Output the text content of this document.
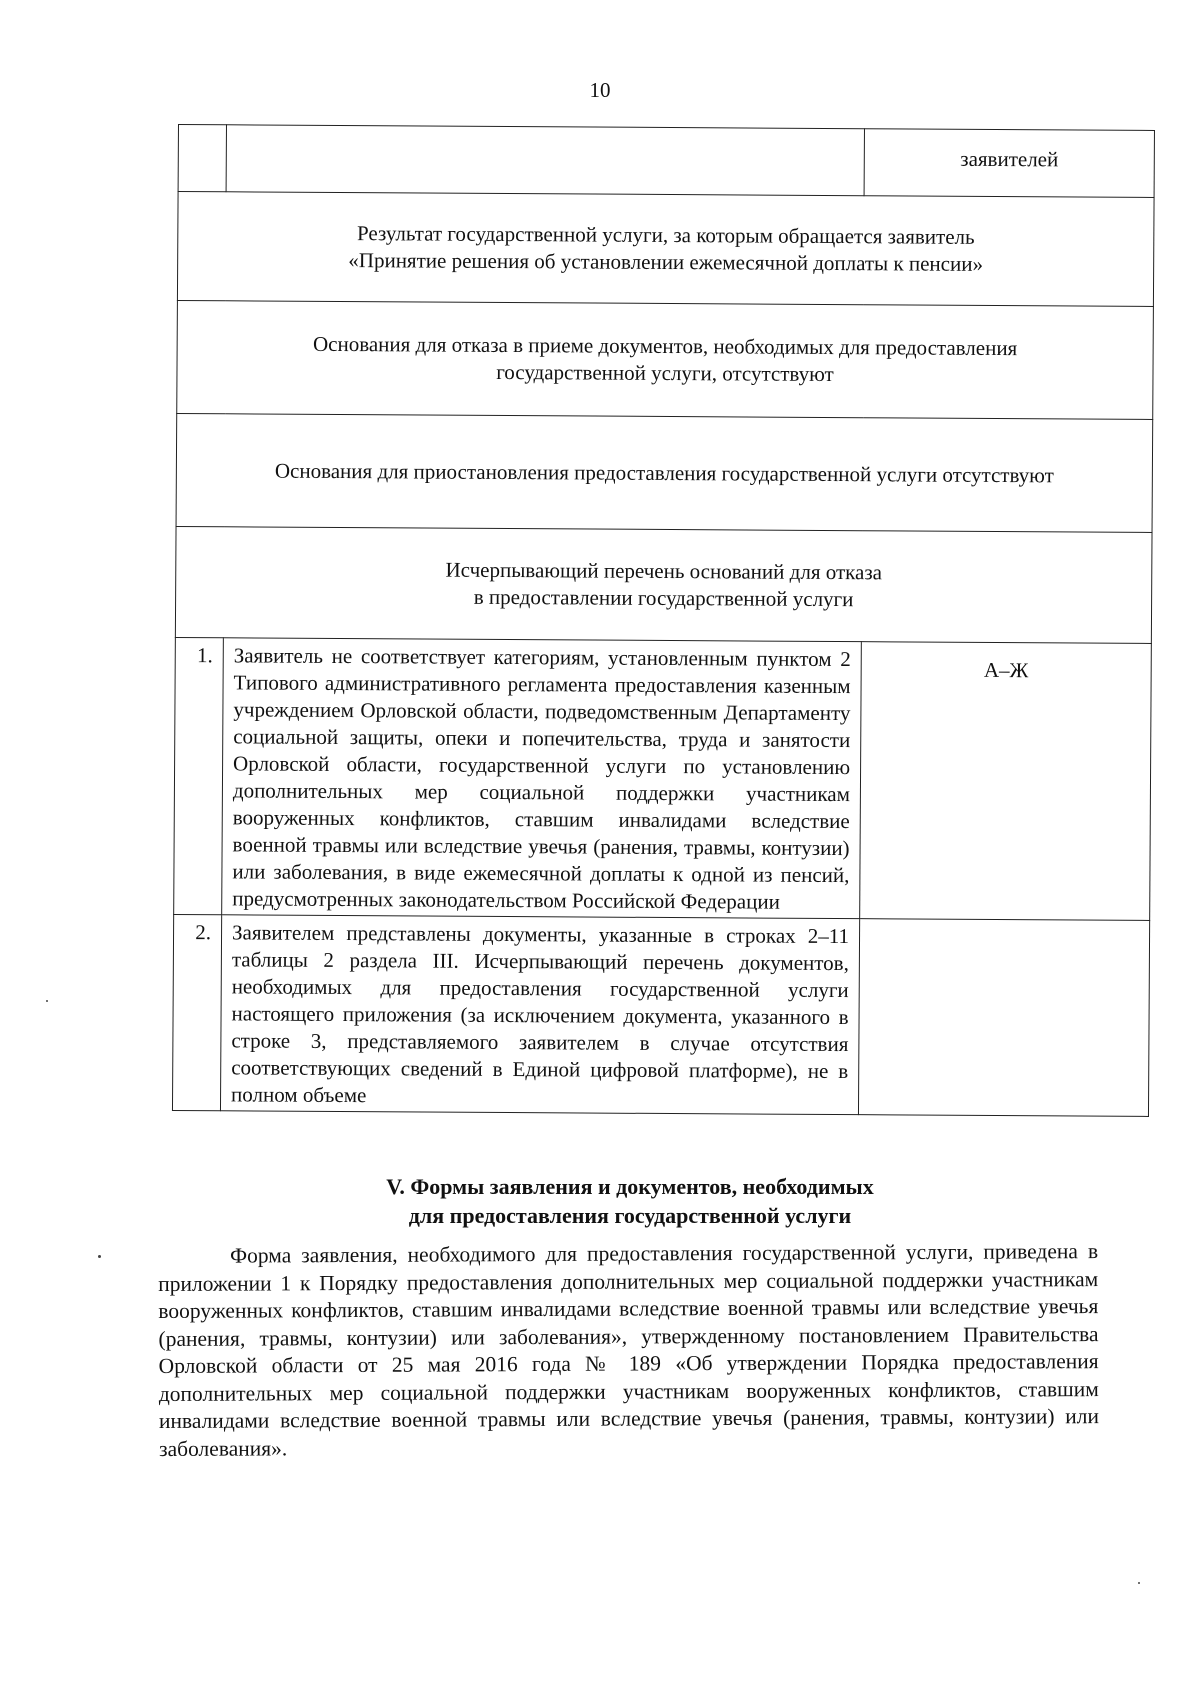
10
		заявителей

Результат государственной услуги, за которым обращается заявитель
«Принятие решения об установлении ежемесячной доплаты к пенсии»		

Основания для отказа в приеме документов, необходимых для предоставления
государственной услуги, отсутствуют		

Основания для приостановления предоставления государственной услуги отсутствуют		

Исчерпывающий перечень оснований для отказа
в предоставлении государственной услуги		

1.	Заявитель не соответствует категориям, установленным пунктом 2 Типового административного регламента предоставления казенным учреждением Орловской области, подведомственным Департаменту социальной защиты, опеки и попечительства, труда и занятости Орловской области, государственной услуги по установлению дополнительных мер социальной поддержки участникам вооруженных конфликтов, ставшим инвалидами вследствие военной травмы или вследствие увечья (ранения, травмы, контузии) или заболевания, в виде ежемесячной доплаты к одной из пенсий, предусмотренных законодательством Российской Федерации	А–Ж
2.	Заявителем представлены документы, указанные в строках 2–11 таблицы 2 раздела III. Исчерпывающий перечень документов, необходимых для предоставления государственной услуги настоящего приложения (за исключением документа, указанного в строке 3, представляемого заявителем в случае отсутствия соответствующих сведений в Единой цифровой платформе), не в полном объеме	
V. Формы заявления и документов, необходимых
для предоставления государственной услуги
Форма заявления, необходимого для предоставления государственной услуги, приведена в приложении 1 к Порядку предоставления дополнительных мер социальной поддержки участникам вооруженных конфликтов, ставшим инвалидами вследствие военной травмы или вследствие увечья (ранения, травмы, контузии) или заболевания», утвержденному постановлением Правительства Орловской области от 25 мая 2016 года № 189 «Об утверждении Порядка предоставления дополнительных мер социальной поддержки участникам вооруженных конфликтов, ставшим инвалидами вследствие военной травмы или вследствие увечья (ранения, травмы, контузии) или заболевания».
